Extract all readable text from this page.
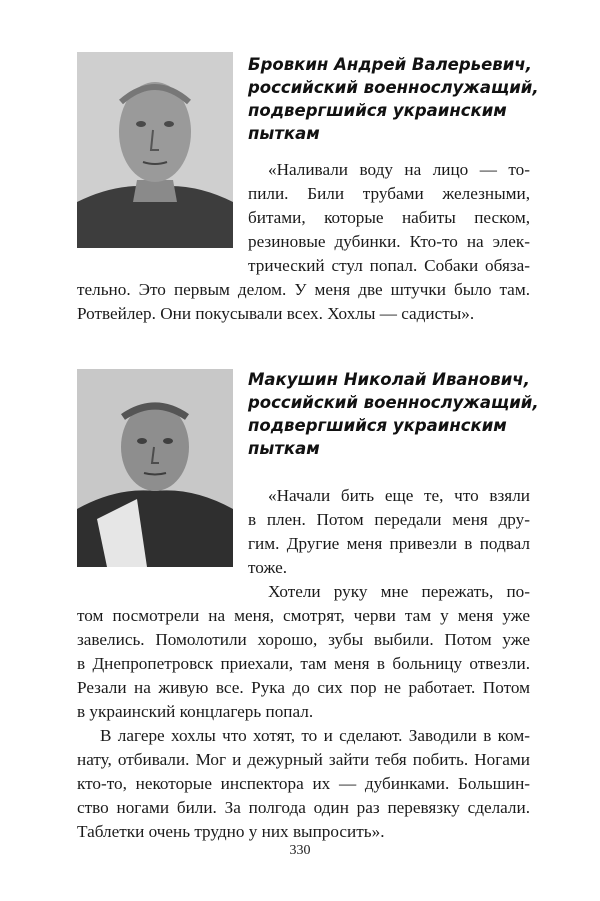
Бровкин Андрей Валерьевич,
российский военнослужащий,
подвергшийся украинским
пыткам

«Наливали воду на лицо — то-

пили. Били трубами железными,

битами, которые набиты песком,

резиновые дубинки. Кто-то на элек-

трический стул попал. Собаки обяза-

тельно. Это первым делом. У меня две штучки было там.

Ротвейлер. Они покусывали всех. Хохлы — садисты».

Макушин Николай Иванович,
российский военнослужащий,
подвергшийся украинским
пыткам

«Начали бить еще те, что взяли

в плен. Потом передали меня дру-

гим. Другие меня привезли в подвал

тоже.

Хотели руку мне пережать, по-

том посмотрели на меня, смотрят, черви там у меня уже

завелись. Помолотили хорошо, зубы выбили. Потом уже

в Днепропетровск приехали, там меня в больницу отвезли.

Резали на живую все. Рука до сих пор не работает. Потом

в украинский концлагерь попал.

В лагере хохлы что хотят, то и сделают. Заводили в ком-

нату, отбивали. Мог и дежурный зайти тебя побить. Ногами

кто-то, некоторые инспектора их — дубинками. Большин-

ство ногами били. За полгода один раз перевязку сделали.

Таблетки очень трудно у них выпросить».

330
